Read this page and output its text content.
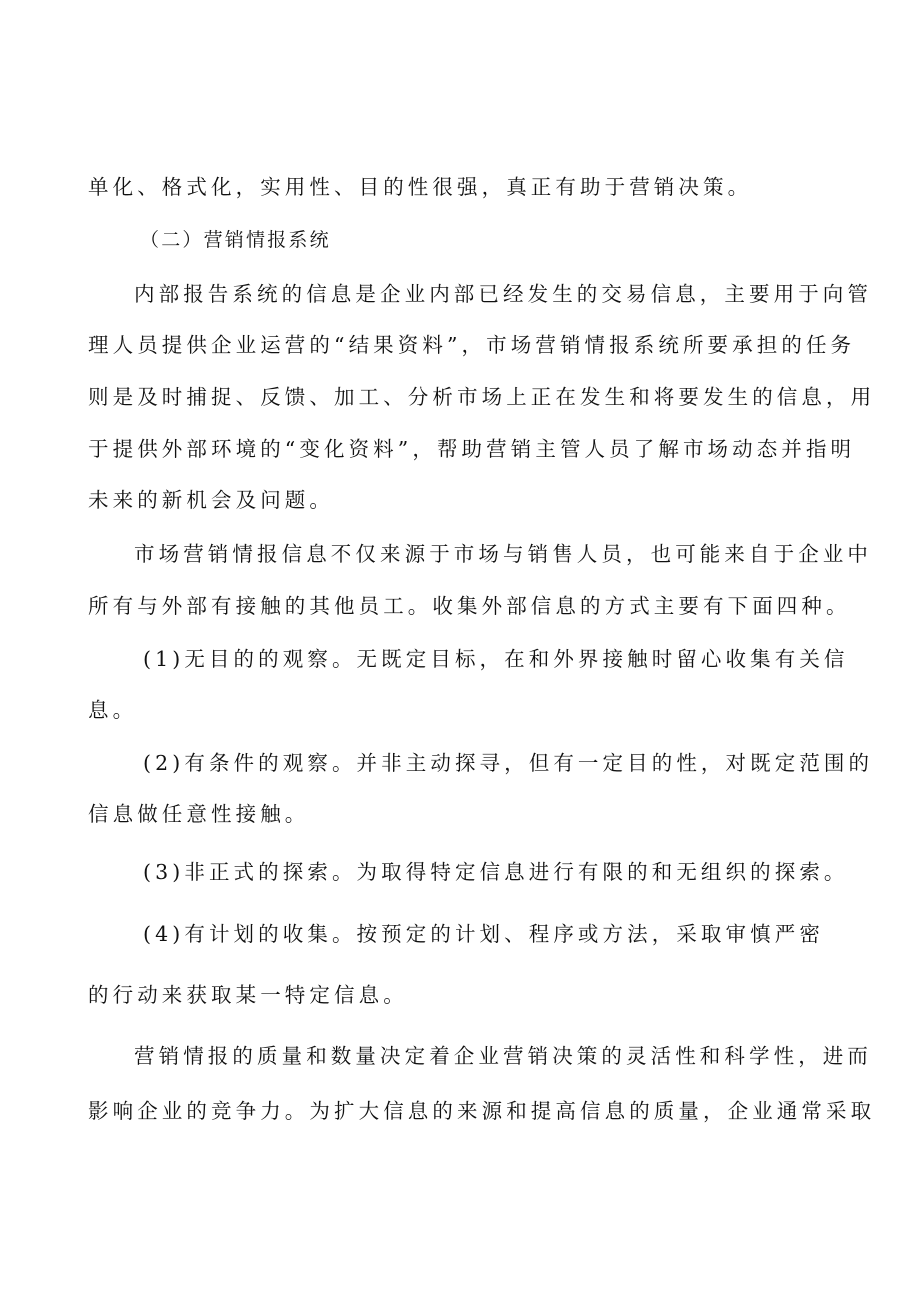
单化、格式化，实用性、目的性很强，真正有助于营销决策。
（二）营销情报系统
内部报告系统的信息是企业内部已经发生的交易信息，主要用于向管
理人员提供企业运营的“结果资料”，市场营销情报系统所要承担的任务
则是及时捕捉、反馈、加工、分析市场上正在发生和将要发生的信息，用
于提供外部环境的“变化资料”，帮助营销主管人员了解市场动态并指明
未来的新机会及问题。
市场营销情报信息不仅来源于市场与销售人员，也可能来自于企业中
所有与外部有接触的其他员工。收集外部信息的方式主要有下面四种。
(1)无目的的观察。无既定目标，在和外界接触时留心收集有关信
息。
(2)有条件的观察。并非主动探寻，但有一定目的性，对既定范围的
信息做任意性接触。
(3)非正式的探索。为取得特定信息进行有限的和无组织的探索。
(4)有计划的收集。按预定的计划、程序或方法，采取审慎严密
的行动来获取某一特定信息。
营销情报的质量和数量决定着企业营销决策的灵活性和科学性，进而
影响企业的竞争力。为扩大信息的来源和提高信息的质量，企业通常采取
